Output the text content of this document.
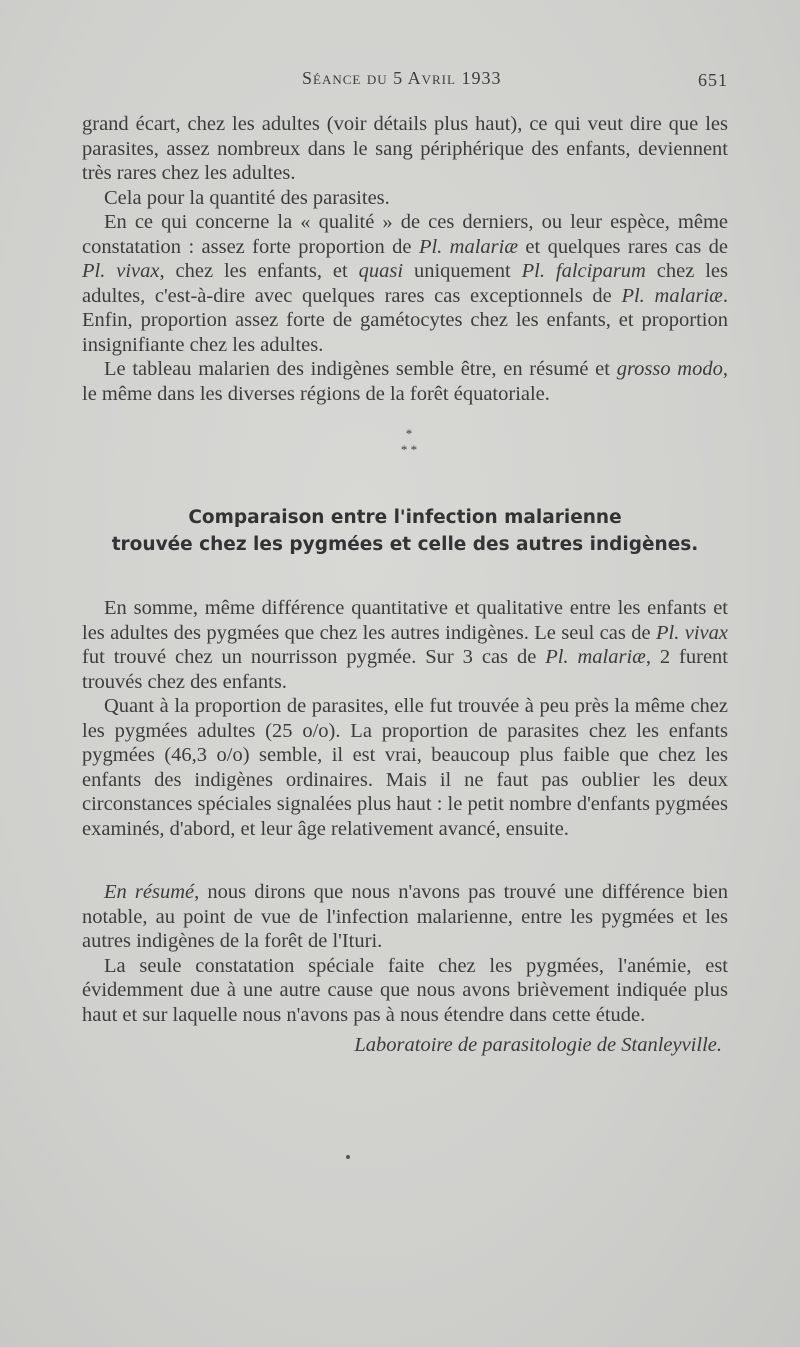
Séance du 5 Avril 1933	651

grand écart, chez les adultes (voir détails plus haut), ce qui veut dire que les parasites, assez nombreux dans le sang périphérique des enfants, deviennent très rares chez les adultes.

Cela pour la quantité des parasites.

En ce qui concerne la « qualité » de ces derniers, ou leur espèce, même constatation : assez forte proportion de Pl. malariæ et quelques rares cas de Pl. vivax, chez les enfants, et quasi uniquement Pl. falciparum chez les adultes, c'est-à-dire avec quelques rares cas exceptionnels de Pl. malariæ. Enfin, proportion assez forte de gamétocytes chez les enfants, et proportion insignifiante chez les adultes.

Le tableau malarien des indigènes semble être, en résumé et grosso modo, le même dans les diverses régions de la forêt équatoriale.

*
* *
Comparaison entre l'infection malarienne
trouvée chez les pygmées et celle des autres indigènes.

En somme, même différence quantitative et qualitative entre les enfants et les adultes des pygmées que chez les autres indigènes. Le seul cas de Pl. vivax fut trouvé chez un nourrisson pygmée. Sur 3 cas de Pl. malariæ, 2 furent trouvés chez des enfants.

Quant à la proportion de parasites, elle fut trouvée à peu près la même chez les pygmées adultes (25 o/o). La proportion de parasites chez les enfants pygmées (46,3 o/o) semble, il est vrai, beaucoup plus faible que chez les enfants des indigènes ordinaires. Mais il ne faut pas oublier les deux circonstances spéciales signalées plus haut : le petit nombre d'enfants pygmées examinés, d'abord, et leur âge relativement avancé, ensuite.

En résumé, nous dirons que nous n'avons pas trouvé une différence bien notable, au point de vue de l'infection malarienne, entre les pygmées et les autres indigènes de la forêt de l'Ituri.

La seule constatation spéciale faite chez les pygmées, l'anémie, est évidemment due à une autre cause que nous avons brièvement indiquée plus haut et sur laquelle nous n'avons pas à nous étendre dans cette étude.

Laboratoire de parasitologie de Stanleyville.
